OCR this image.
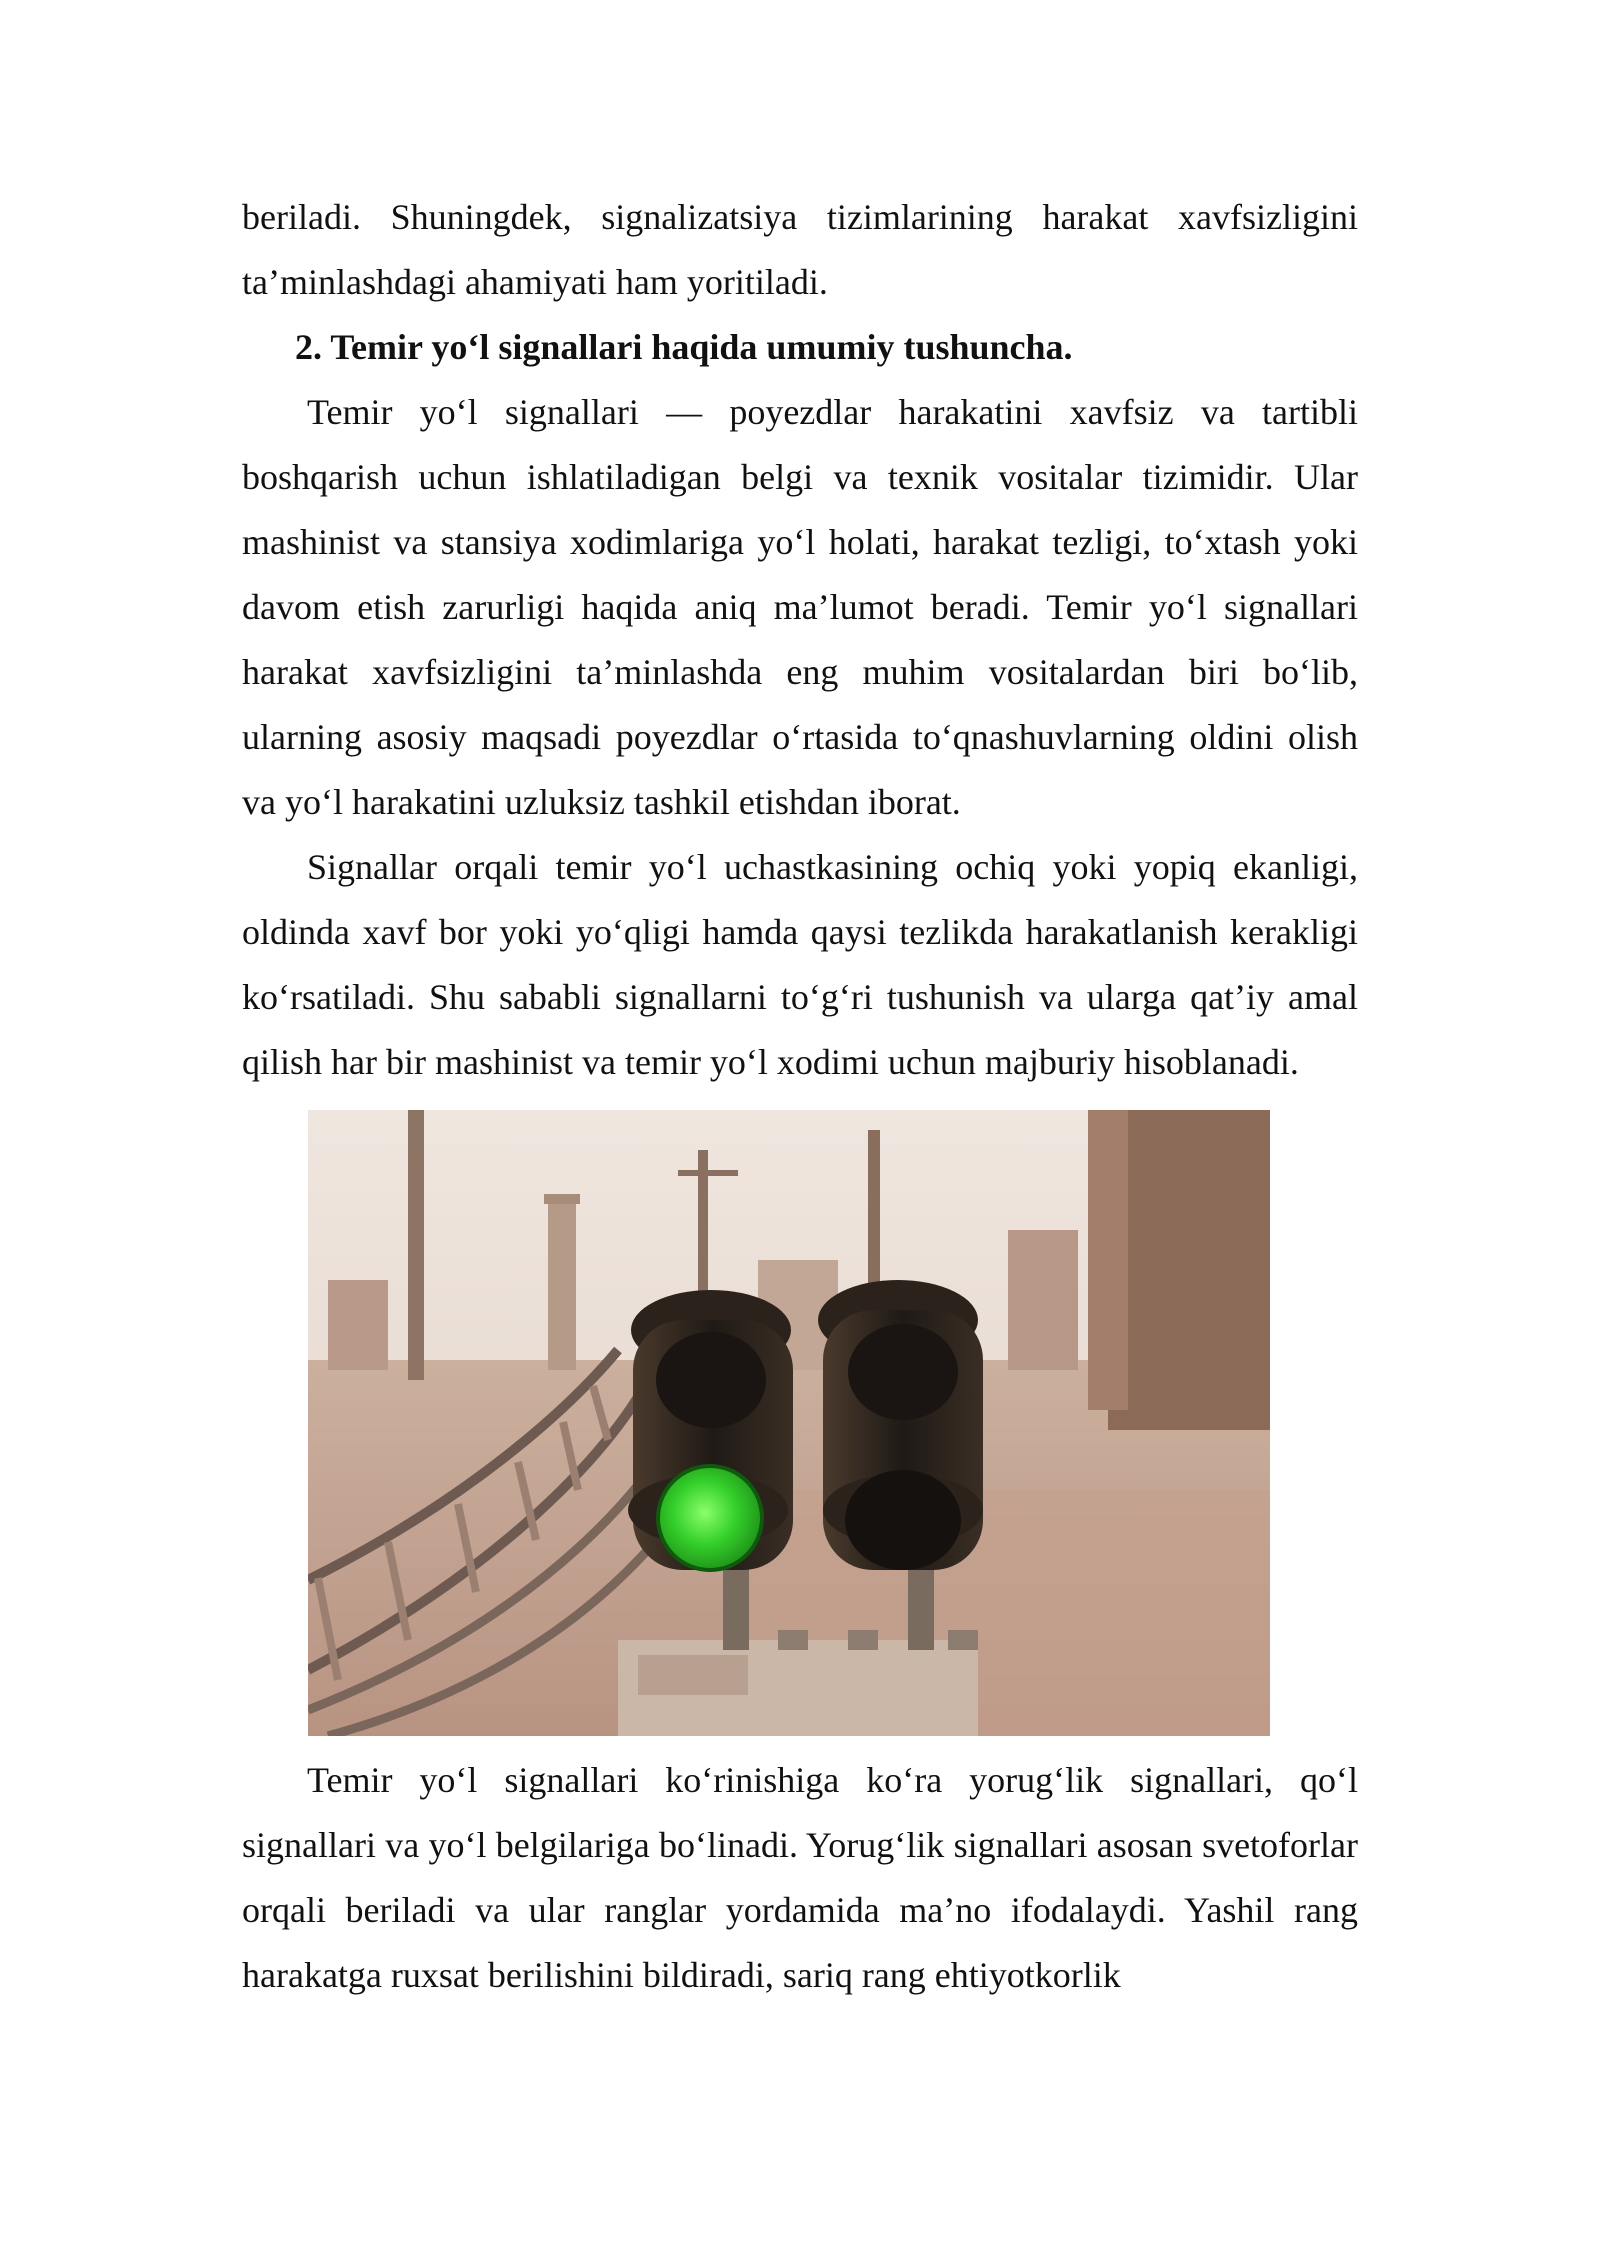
beriladi. Shuningdek, signalizatsiya tizimlarining harakat xavfsizligini ta’minlashdagi ahamiyati ham yoritiladi.

2. Temir yo‘l signallari haqida umumiy tushuncha.

Temir yo‘l signallari — poyezdlar harakatini xavfsiz va tartibli boshqarish uchun ishlatiladigan belgi va texnik vositalar tizimidir. Ular mashinist va stansiya xodimlariga yo‘l holati, harakat tezligi, to‘xtash yoki davom etish zarurligi haqida aniq ma’lumot beradi. Temir yo‘l signallari harakat xavfsizligini ta’minlashda eng muhim vositalardan biri bo‘lib, ularning asosiy maqsadi poyezdlar o‘rtasida to‘qnashuvlarning oldini olish va yo‘l harakatini uzluksiz tashkil etishdan iborat.

Signallar orqali temir yo‘l uchastkasining ochiq yoki yopiq ekanligi, oldinda xavf bor yoki yo‘qligi hamda qaysi tezlikda harakatlanish kerakligi ko‘rsatiladi. Shu sababli signallarni to‘g‘ri tushunish va ularga qat’iy amal qilish har bir mashinist va temir yo‘l xodimi uchun majburiy hisoblanadi.

Temir yo‘l signallari ko‘rinishiga ko‘ra yorug‘lik signallari, qo‘l signallari va yo‘l belgilariga bo‘linadi. Yorug‘lik signallari asosan svetoforlar orqali beriladi va ular ranglar yordamida ma’no ifodalaydi. Yashil rang harakatga ruxsat berilishini bildiradi, sariq rang ehtiyotkorlik
